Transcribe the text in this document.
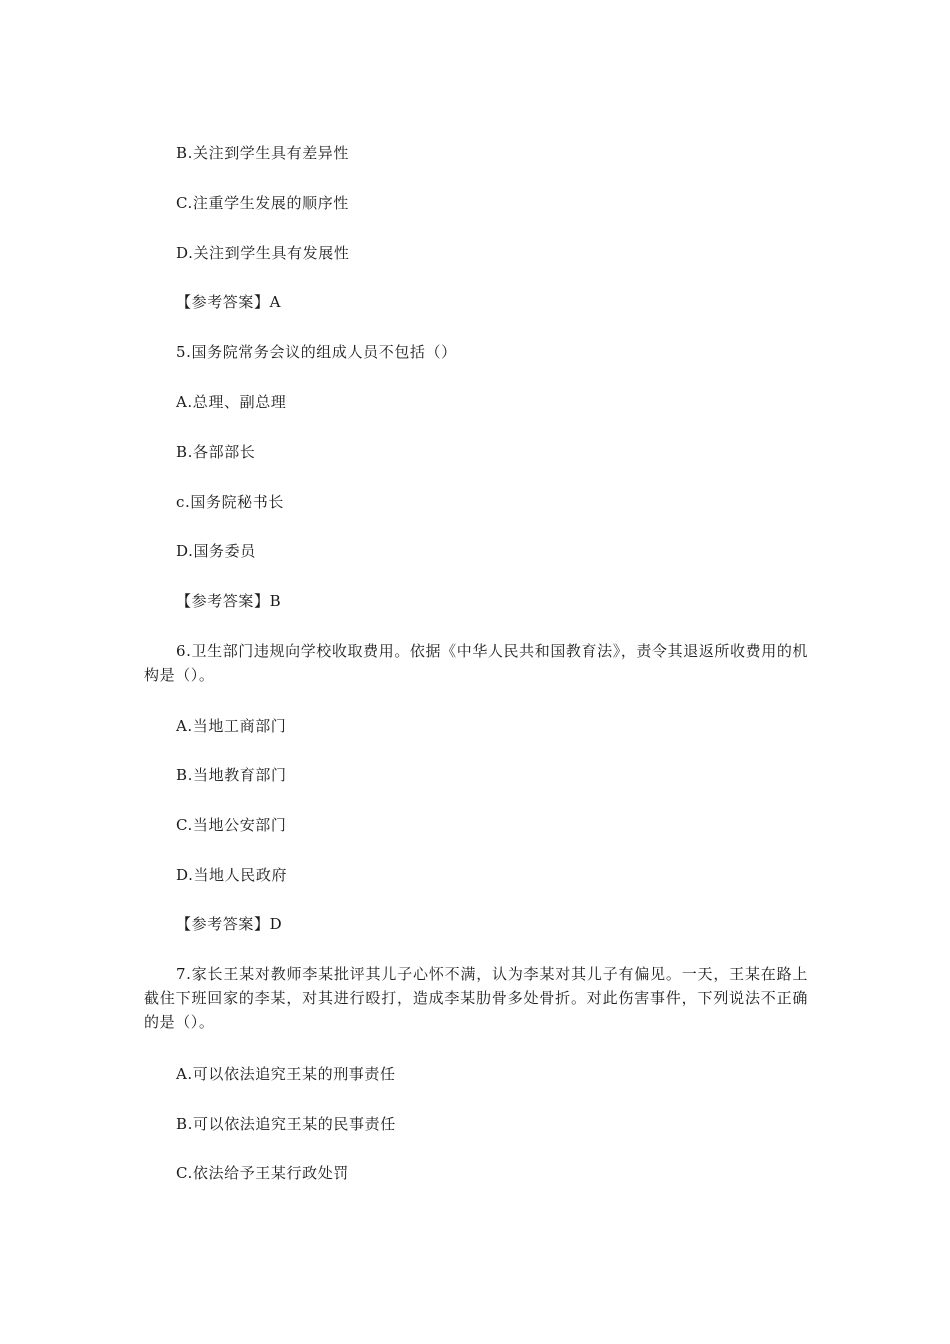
B.关注到学生具有差异性
C.注重学生发展的顺序性
D.关注到学生具有发展性
【参考答案】A
5.国务院常务会议的组成人员不包括（）
A.总理、副总理
B.各部部长
c.国务院秘书长
D.国务委员
【参考答案】B
6.卫生部门违规向学校收取费用。依据《中华人民共和国教育法》，责令其退返所收费用的机构是（）。
A.当地工商部门
B.当地教育部门
C.当地公安部门
D.当地人民政府
【参考答案】D
7.家长王某对教师李某批评其儿子心怀不满，认为李某对其儿子有偏见。一天，王某在路上截住下班回家的李某，对其进行殴打，造成李某肋骨多处骨折。对此伤害事件，下列说法不正确的是（）。
A.可以依法追究王某的刑事责任
B.可以依法追究王某的民事责任
C.依法给予王某行政处罚
